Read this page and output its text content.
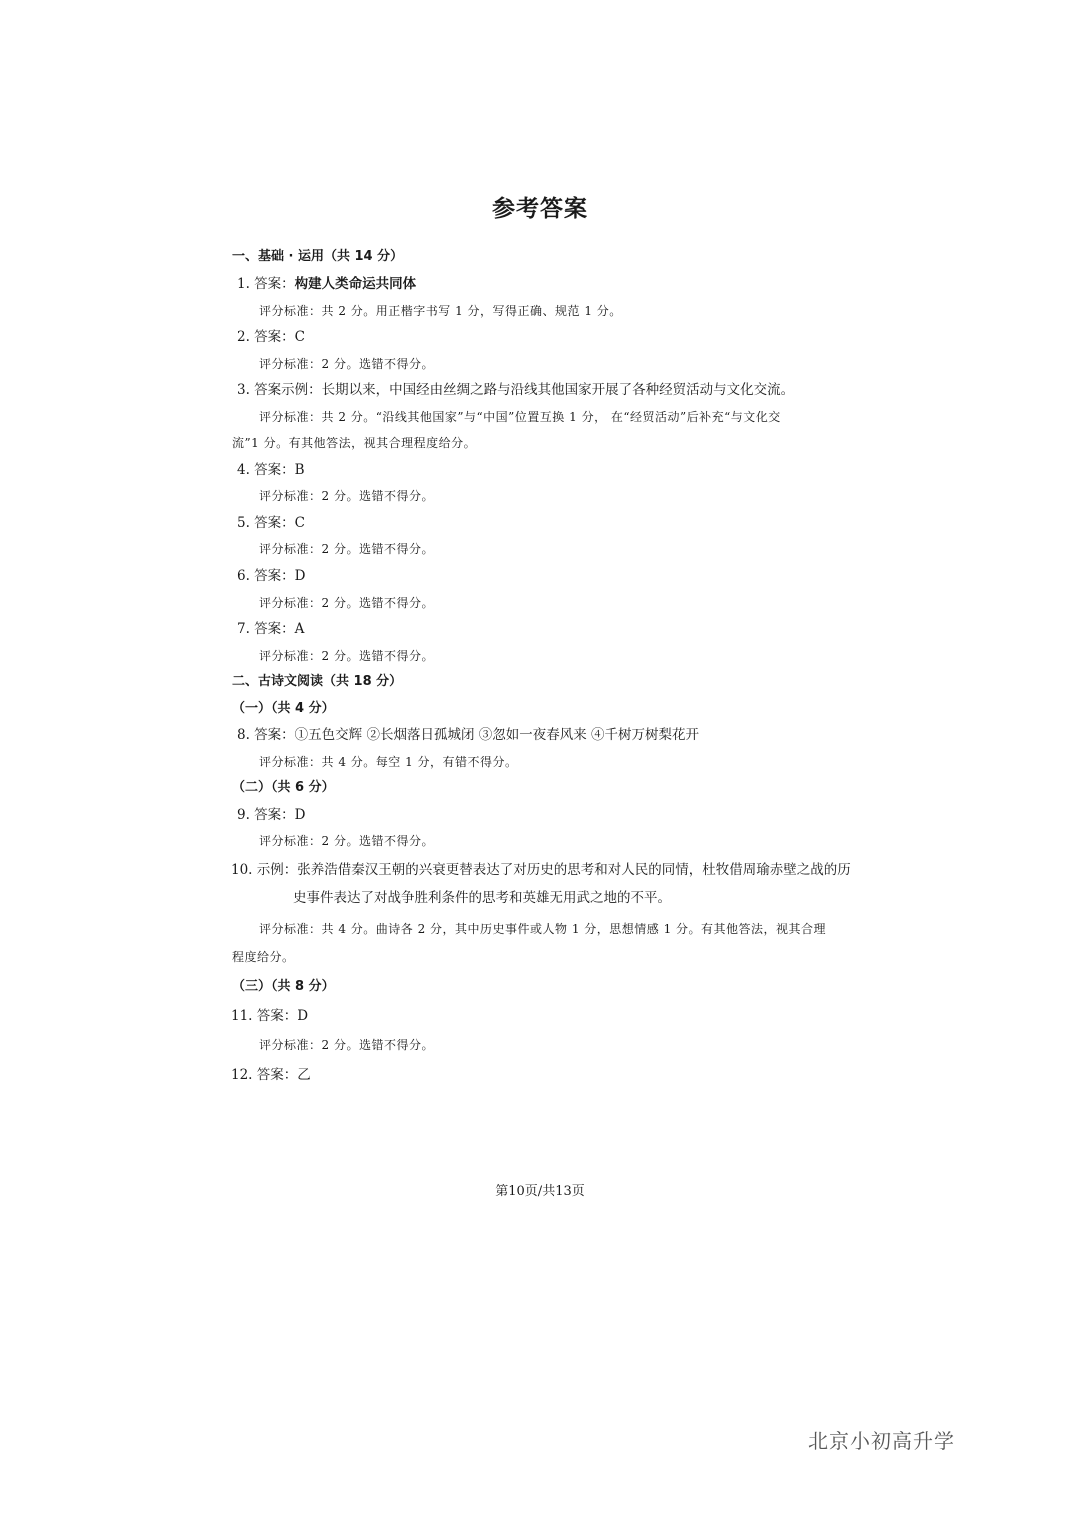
参考答案
一、基础 · 运用（共 14 分）
1. 答案：构建人类命运共同体
评分标准：共 2 分。用正楷字书写 1 分，写得正确、规范 1 分。
2. 答案：C
评分标准：2 分。选错不得分。
3. 答案示例：长期以来，中国经由丝绸之路与沿线其他国家开展了各种经贸活动与文化交流。
评分标准：共 2 分。“沿线其他国家”与“中国”位置互换 1 分， 在“经贸活动”后补充“与文化交
流”1 分。有其他答法，视其合理程度给分。
4. 答案：B
评分标准：2 分。选错不得分。
5. 答案：C
评分标准：2 分。选错不得分。
6. 答案：D
评分标准：2 分。选错不得分。
7. 答案：A
评分标准：2 分。选错不得分。
二、古诗文阅读（共 18 分）
（一）（共 4 分）
8. 答案：①五色交辉 ②长烟落日孤城闭 ③忽如一夜春风来 ④千树万树梨花开
评分标准：共 4 分。每空 1 分，有错不得分。
（二）（共 6 分）
9. 答案：D
评分标准：2 分。选错不得分。
10. 示例：张养浩借秦汉王朝的兴衰更替表达了对历史的思考和对人民的同情，杜牧借周瑜赤壁之战的历
史事件表达了对战争胜利条件的思考和英雄无用武之地的不平。
评分标准：共 4 分。曲诗各 2 分，其中历史事件或人物 1 分，思想情感 1 分。有其他答法，视其合理
程度给分。
（三）（共 8 分）
11. 答案：D
评分标准：2 分。选错不得分。
12. 答案：乙
第10页/共13页
北京小初高升学
